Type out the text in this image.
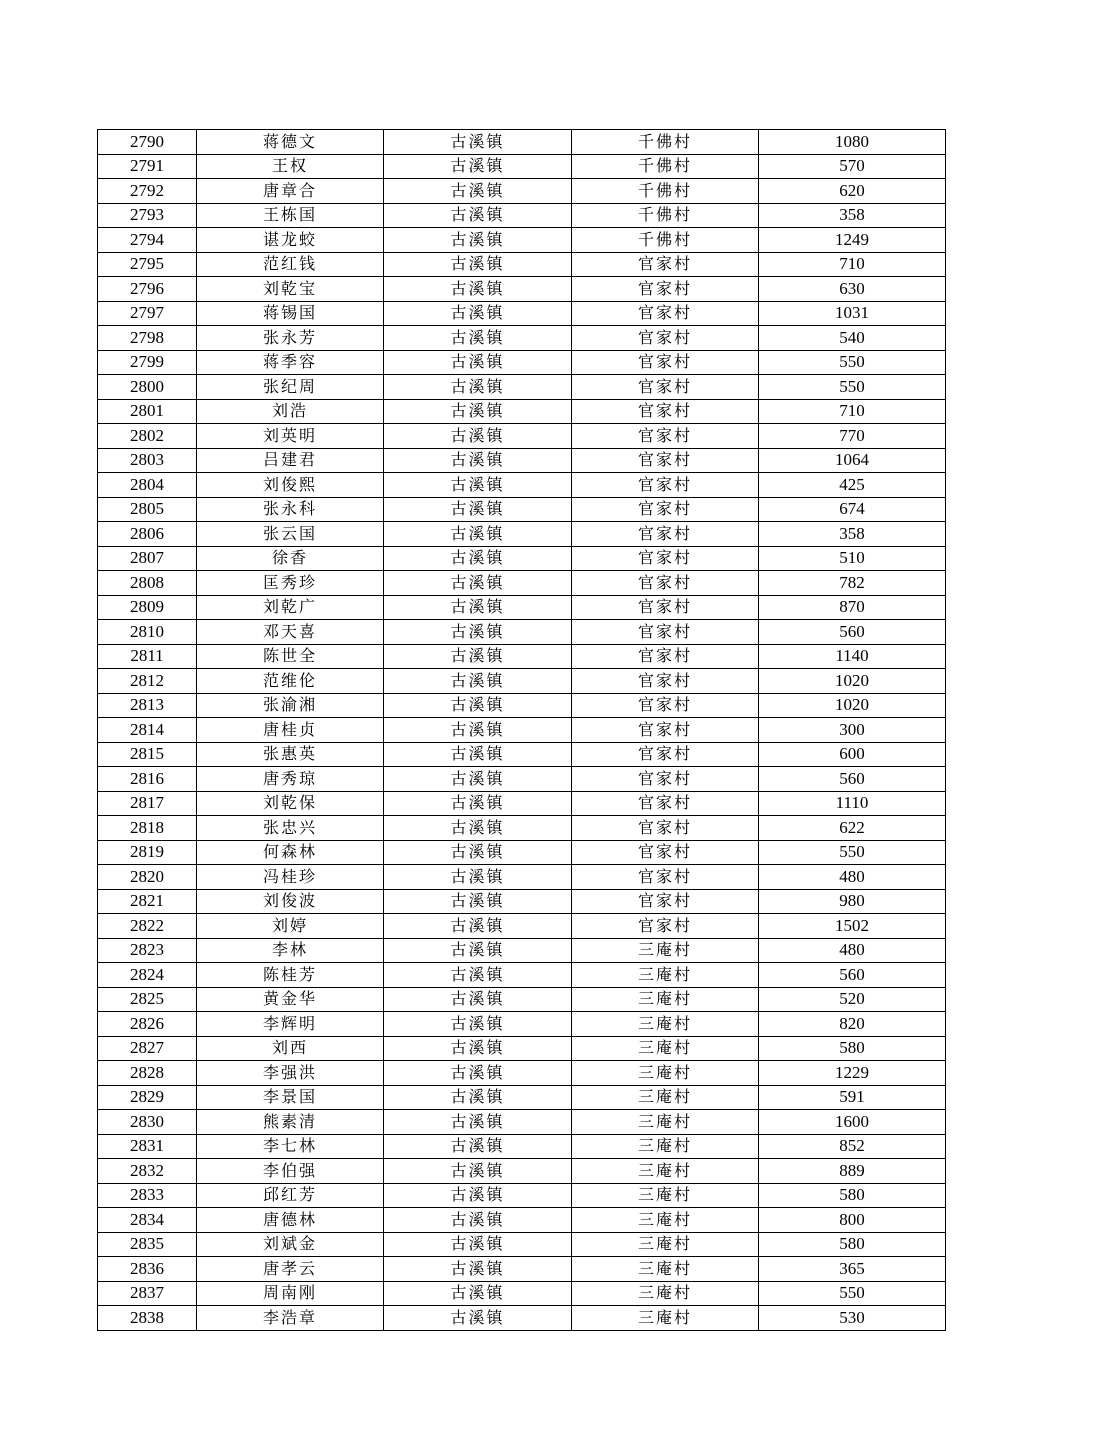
2790	蒋德文	古溪镇	千佛村	1080
2791	王权	古溪镇	千佛村	570
2792	唐章合	古溪镇	千佛村	620
2793	王栋国	古溪镇	千佛村	358
2794	谌龙蛟	古溪镇	千佛村	1249
2795	范红钱	古溪镇	官家村	710
2796	刘乾宝	古溪镇	官家村	630
2797	蒋锡国	古溪镇	官家村	1031
2798	张永芳	古溪镇	官家村	540
2799	蒋季容	古溪镇	官家村	550
2800	张纪周	古溪镇	官家村	550
2801	刘浩	古溪镇	官家村	710
2802	刘英明	古溪镇	官家村	770
2803	吕建君	古溪镇	官家村	1064
2804	刘俊熙	古溪镇	官家村	425
2805	张永科	古溪镇	官家村	674
2806	张云国	古溪镇	官家村	358
2807	徐香	古溪镇	官家村	510
2808	匡秀珍	古溪镇	官家村	782
2809	刘乾广	古溪镇	官家村	870
2810	邓天喜	古溪镇	官家村	560
2811	陈世全	古溪镇	官家村	1140
2812	范维伦	古溪镇	官家村	1020
2813	张渝湘	古溪镇	官家村	1020
2814	唐桂贞	古溪镇	官家村	300
2815	张惠英	古溪镇	官家村	600
2816	唐秀琼	古溪镇	官家村	560
2817	刘乾保	古溪镇	官家村	1110
2818	张忠兴	古溪镇	官家村	622
2819	何森林	古溪镇	官家村	550
2820	冯桂珍	古溪镇	官家村	480
2821	刘俊波	古溪镇	官家村	980
2822	刘婷	古溪镇	官家村	1502
2823	李林	古溪镇	三庵村	480
2824	陈桂芳	古溪镇	三庵村	560
2825	黄金华	古溪镇	三庵村	520
2826	李辉明	古溪镇	三庵村	820
2827	刘西	古溪镇	三庵村	580
2828	李强洪	古溪镇	三庵村	1229
2829	李景国	古溪镇	三庵村	591
2830	熊素清	古溪镇	三庵村	1600
2831	李七林	古溪镇	三庵村	852
2832	李伯强	古溪镇	三庵村	889
2833	邱红芳	古溪镇	三庵村	580
2834	唐德林	古溪镇	三庵村	800
2835	刘斌金	古溪镇	三庵村	580
2836	唐孝云	古溪镇	三庵村	365
2837	周南刚	古溪镇	三庵村	550
2838	李浩章	古溪镇	三庵村	530
